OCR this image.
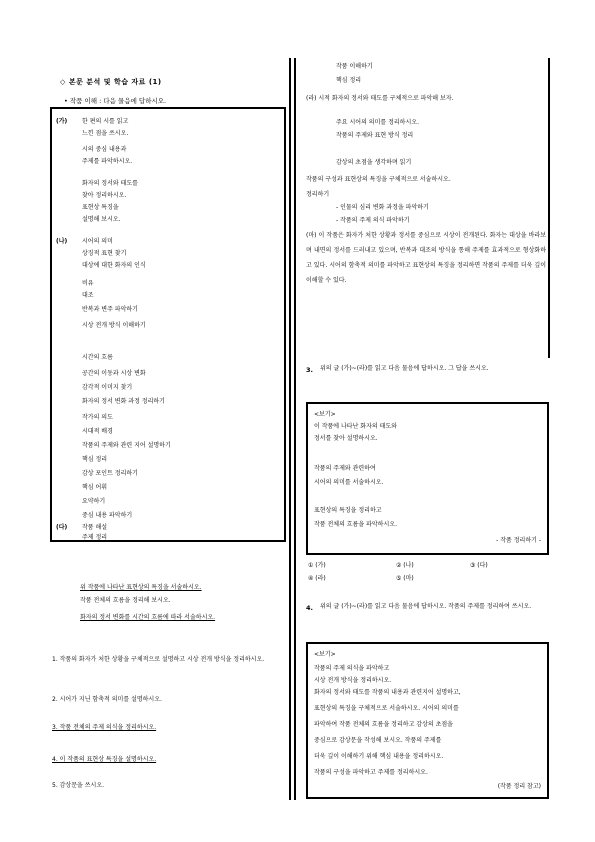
◇ 본문 분석 및 학습 자료 (1)
• 작품 이해 : 다음 물음에 답하시오.
(가) 한 편의 시를 읽고
느낀 점을 쓰시오.
시의 중심 내용과
주제를 파악하시오.
화자의 정서와 태도를
찾아 정리하시오.
표현상 특징을
설명해 보시오.
(나) 시어의 의미
상징적 표현 찾기
대상에 대한 화자의 인식
비유
대조
반복과 변주 파악하기
시상 전개 방식 이해하기
시간의 흐름
공간의 이동과 시상 변화
감각적 이미지 찾기
화자의 정서 변화 과정 정리하기
작가의 의도
시대적 배경
작품의 주제와 관련 지어 설명하기
핵심 정리
감상 포인트 정리하기
핵심 어휘
요약하기
중심 내용 파악하기
(다) 작품 해설
주제 정리
위 작품에 나타난 표현상의 특징을 서술하시오.
작품 전체의 흐름을 정리해 보시오.
화자의 정서 변화를 시간의 흐름에 따라 서술하시오.
1. 작품의 화자가 처한 상황을 구체적으로 설명하고 시상 전개 방식을 정리하시오.
2. 시어가 지닌 함축적 의미를 설명하시오.
3. 작품 전체의 주제 의식을 정리하시오.
4. 이 작품의 표현상 특징을 설명하시오.
5. 감상문을 쓰시오.
작품 이해하기
핵심 정리
(라) 시적 화자의 정서와 태도를 구체적으로 파악해 보자.
주요 시어의 의미를 정리하시오.
작품의 주제와 표현 방식 정리
감상의 초점을 생각하며 읽기
작품의 구성과 표현상의 특징을 구체적으로 서술하시오.
정리하기
- 인물의 심리 변화 과정을 파악하기
- 작품의 주제 의식 파악하기
(마) 이 작품은 화자가 처한 상황과 정서를 중심으로 시상이 전개된다. 화자는 대상을 바라보며 내면의 정서를 드러내고 있으며, 반복과 대조의 방식을 통해 주제를 효과적으로 형상화하고 있다. 시어의 함축적 의미를 파악하고 표현상의 특징을 정리하면 작품의 주제를 더욱 깊이 이해할 수 있다.
3. 위의 글 (가)~(라)를 읽고 다음 물음에 답하시오. 그 답을 쓰시오.
<보기>
이 작품에 나타난 화자의 태도와
정서를 찾아 설명하시오.
작품의 주제와 관련하여
시어의 의미를 서술하시오.
표현상의 특징을 정리하고
작품 전체의 흐름을 파악하시오.
- 작품 정리하기 -
① (가)	② (나)	③ (다)
④ (라)	⑤ (마)
4. 위의 글 (가)~(라)를 읽고 다음 물음에 답하시오. 작품의 주제를 정리하여 쓰시오.
<보기>
작품의 주제 의식을 파악하고
시상 전개 방식을 정리하시오.
화자의 정서와 태도를 작품의 내용과 관련지어 설명하고,
표현상의 특징을 구체적으로 서술하시오. 시어의 의미를
파악하여 작품 전체의 흐름을 정리하고 감상의 초점을
중심으로 감상문을 작성해 보시오. 작품의 주제를
더욱 깊이 이해하기 위해 핵심 내용을 정리하시오.
작품의 구성을 파악하고 주제를 정리하시오.
(작품 정리 참고)
